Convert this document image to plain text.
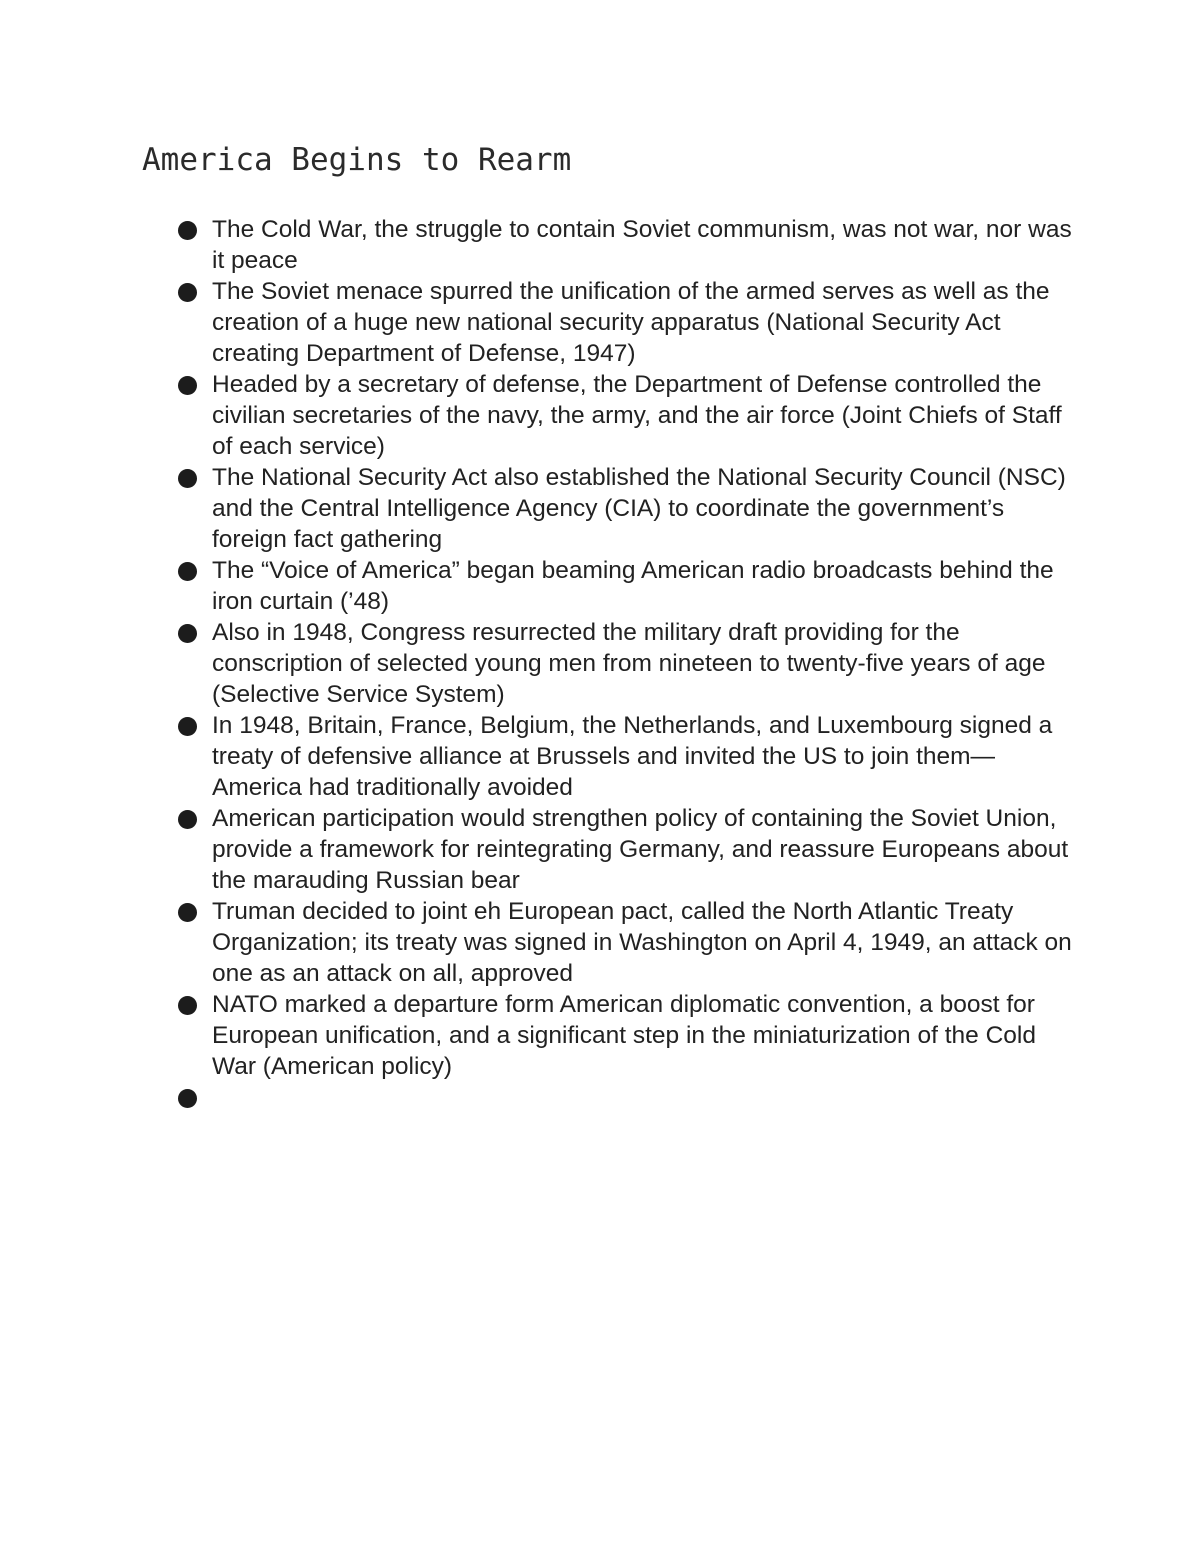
America Begins to Rearm
The Cold War, the struggle to contain Soviet communism, was not war, nor was it peace
The Soviet menace spurred the unification of the armed serves as well as the creation of a huge new national security apparatus (National Security Act creating Department of Defense, 1947)
Headed by a secretary of defense, the Department of Defense controlled the civilian secretaries of the navy, the army, and the air force (Joint Chiefs of Staff of each service)
The National Security Act also established the National Security Council (NSC) and the Central Intelligence Agency (CIA) to coordinate the government’s foreign fact gathering
The “Voice of America” began beaming American radio broadcasts behind the iron curtain (’48)
Also in 1948, Congress resurrected the military draft providing for the conscription of selected young men from nineteen to twenty-five years of age (Selective Service System)
In 1948, Britain, France, Belgium, the Netherlands, and Luxembourg signed a treaty of defensive alliance at Brussels and invited the US to join them—America had traditionally avoided
American participation would strengthen policy of containing the Soviet Union, provide a framework for reintegrating Germany, and reassure Europeans about the marauding Russian bear
Truman decided to joint eh European pact, called the North Atlantic Treaty Organization; its treaty was signed in Washington on April 4, 1949, an attack on one as an attack on all, approved
NATO marked a departure form American diplomatic convention, a boost for European unification, and a significant step in the miniaturization of the Cold War (American policy)
